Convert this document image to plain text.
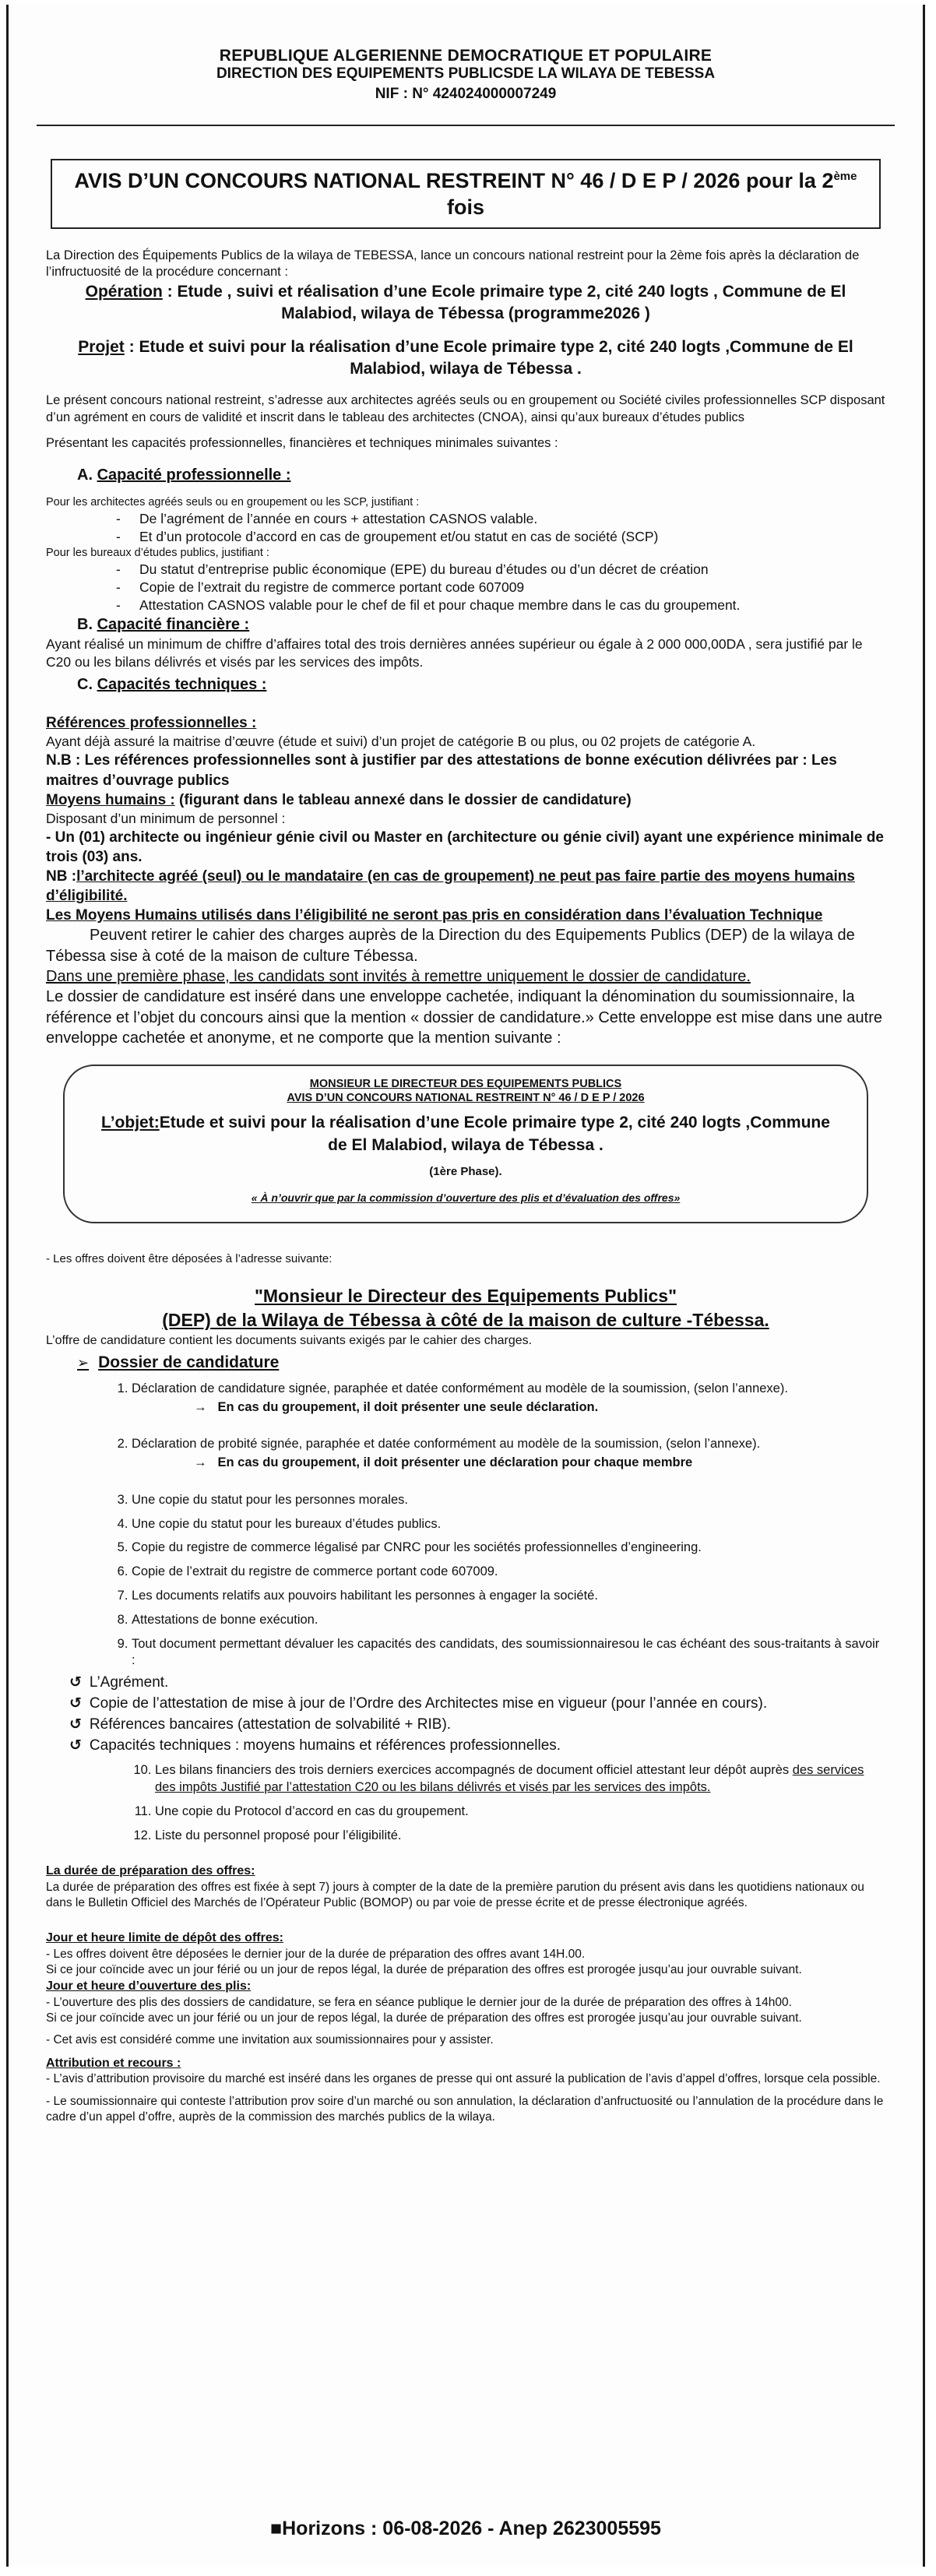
REPUBLIQUE ALGERIENNE DEMOCRATIQUE ET POPULAIRE
DIRECTION DES EQUIPEMENTS PUBLICSDE LA WILAYA DE TEBESSA
NIF : N° 424024000007249
AVIS D’UN CONCOURS NATIONAL RESTREINT N° 46 / D E P / 2026 pour la 2ème fois

La Direction des Équipements Publics de la wilaya de TEBESSA, lance un concours national restreint pour la 2ème fois après la déclaration de l’infructuosité de la procédure concernant :

Opération : Etude , suivi et réalisation d’une Ecole primaire type 2, cité 240 logts , Commune de El Malabiod, wilaya de Tébessa (programme2026 )

Projet : Etude et suivi pour la réalisation d’une Ecole primaire type 2, cité 240 logts ,Commune de El Malabiod, wilaya de Tébessa .

Le présent concours national restreint, s’adresse aux architectes agréés seuls ou en groupement ou Société civiles professionnelles SCP disposant d’un agrément en cours de validité et inscrit dans le tableau des architectes (CNOA), ainsi qu’aux bureaux d’études publics

Présentant les capacités professionnelles, financières et techniques minimales suivantes :

A. Capacité professionnelle :

Pour les architectes agréés seuls ou en groupement ou les SCP, justifiant :

- De l’agrément de l’année en cours + attestation CASNOS valable.
- Et d’un protocole d’accord en cas de groupement et/ou statut en cas de société (SCP)

Pour les bureaux d’études publics, justifiant :

- Du statut d’entreprise public économique (EPE) du bureau d’études ou d’un décret de création
- Copie de l’extrait du registre de commerce portant code 607009
- Attestation CASNOS valable pour le chef de fil et pour chaque membre dans le cas du groupement.
B. Capacité financière :

Ayant réalisé un minimum de chiffre d’affaires total des trois dernières années supérieur ou égale à 2 000 000,00DA , sera justifié par le C20 ou les bilans délivrés et visés par les services des impôts.

C. Capacités techniques :

Références professionnelles :

Ayant déjà assuré la maitrise d’œuvre (étude et suivi) d’un projet de catégorie B ou plus, ou 02 projets de catégorie A.

N.B : Les références professionnelles sont à justifier par des attestations de bonne exécution délivrées par : Les maitres d’ouvrage publics

Moyens humains : (figurant dans le tableau annexé dans le dossier de candidature)

Disposant d’un minimum de personnel :

- Un (01) architecte ou ingénieur génie civil ou Master en (architecture ou génie civil) ayant une expérience minimale de trois (03) ans.

NB :l’architecte agréé (seul) ou le mandataire (en cas de groupement) ne peut pas faire partie des moyens humains d’éligibilité.

Les Moyens Humains utilisés dans l’éligibilité ne seront pas pris en considération dans l’évaluation Technique

Peuvent retirer le cahier des charges auprès de la Direction du des Equipements Publics (DEP) de la wilaya de Tébessa sise à coté de la maison de culture Tébessa.

Dans une première phase, les candidats sont invités à remettre uniquement le dossier de candidature.

Le dossier de candidature est inséré dans une enveloppe cachetée, indiquant la dénomination du soumissionnaire, la référence et l’objet du concours ainsi que la mention « dossier de candidature.» Cette enveloppe est mise dans une autre enveloppe cachetée et anonyme, et ne comporte que la mention suivante :

MONSIEUR LE DIRECTEUR DES EQUIPEMENTS PUBLICS
AVIS D’UN CONCOURS NATIONAL RESTREINT N° 46 / D E P / 2026
L’objet:Etude et suivi pour la réalisation d’une Ecole primaire type 2, cité 240 logts ,Commune de El Malabiod, wilaya de Tébessa .
(1ère Phase).
« À n’ouvrir que par la commission d’ouverture des plis et d’évaluation des offres»

- Les offres doivent être déposées à l’adresse suivante:

"Monsieur le Directeur des Equipements Publics"
(DEP) de la Wilaya de Tébessa à côté de la maison de culture -Tébessa.

L’offre de candidature contient les documents suivants exigés par le cahier des charges.

➢ Dossier de candidature

1. Déclaration de candidature signée, paraphée et datée conformément au modèle de la soumission, (selon l’annexe).
→ En cas du groupement, il doit présenter une seule déclaration.
2. Déclaration de probité signée, paraphée et datée conformément au modèle de la soumission, (selon l’annexe).
→ En cas du groupement, il doit présenter une déclaration pour chaque membre
3. Une copie du statut pour les personnes morales.
4. Une copie du statut pour les bureaux d’études publics.
5. Copie du registre de commerce légalisé par CNRC pour les sociétés professionnelles d’engineering.
6. Copie de l’extrait du registre de commerce portant code 607009.
7. Les documents relatifs aux pouvoirs habilitant les personnes à engager la société.
8. Attestations de bonne exécution.
9. Tout document permettant dévaluer les capacités des candidats, des soumissionnairesou le cas échéant des sous-traitants à savoir :

↺ L’Agrément.

↺ Copie de l’attestation de mise à jour de l’Ordre des Architectes mise en vigueur (pour l’année en cours).

↺ Références bancaires (attestation de solvabilité + RIB).

↺ Capacités techniques : moyens humains et références professionnelles.

10. Les bilans financiers des trois derniers exercices accompagnés de document officiel attestant leur dépôt auprès des services des impôts Justifié par l’attestation C20 ou les bilans délivrés et visés par les services des impôts.
11. Une copie du Protocol d’accord en cas du groupement.
12. Liste du personnel proposé pour l’éligibilité.

La durée de préparation des offres:

La durée de préparation des offres est fixée à sept 7) jours à compter de la date de la première parution du présent avis dans les quotidiens nationaux ou dans le Bulletin Officiel des Marchés de l’Opérateur Public (BOMOP) ou par voie de presse écrite et de presse électronique agréés.

Jour et heure limite de dépôt des offres:

- Les offres doivent être déposées le dernier jour de la durée de préparation des offres avant 14H.00.

Si ce jour coïncide avec un jour férié ou un jour de repos légal, la durée de préparation des offres est prorogée jusqu’au jour ouvrable suivant.

Jour et heure d’ouverture des plis:

- L’ouverture des plis des dossiers de candidature, se fera en séance publique le dernier jour de la durée de préparation des offres à 14h00.

Si ce jour coïncide avec un jour férié ou un jour de repos légal, la durée de préparation des offres est prorogée jusqu’au jour ouvrable suivant.

- Cet avis est considéré comme une invitation aux soumissionnaires pour y assister.

Attribution et recours :

- L’avis d’attribution provisoire du marché est inséré dans les organes de presse qui ont assuré la publication de l’avis d’appel d’offres, lorsque cela possible.

- Le soumissionnaire qui conteste l’attribution prov soire d’un marché ou son annulation, la déclaration d’anfructuosité ou l’annulation de la procédure dans le cadre d’un appel d’offre, auprès de la commission des marchés publics de la wilaya.

■Horizons : 06-08-2026 - Anep 2623005595
